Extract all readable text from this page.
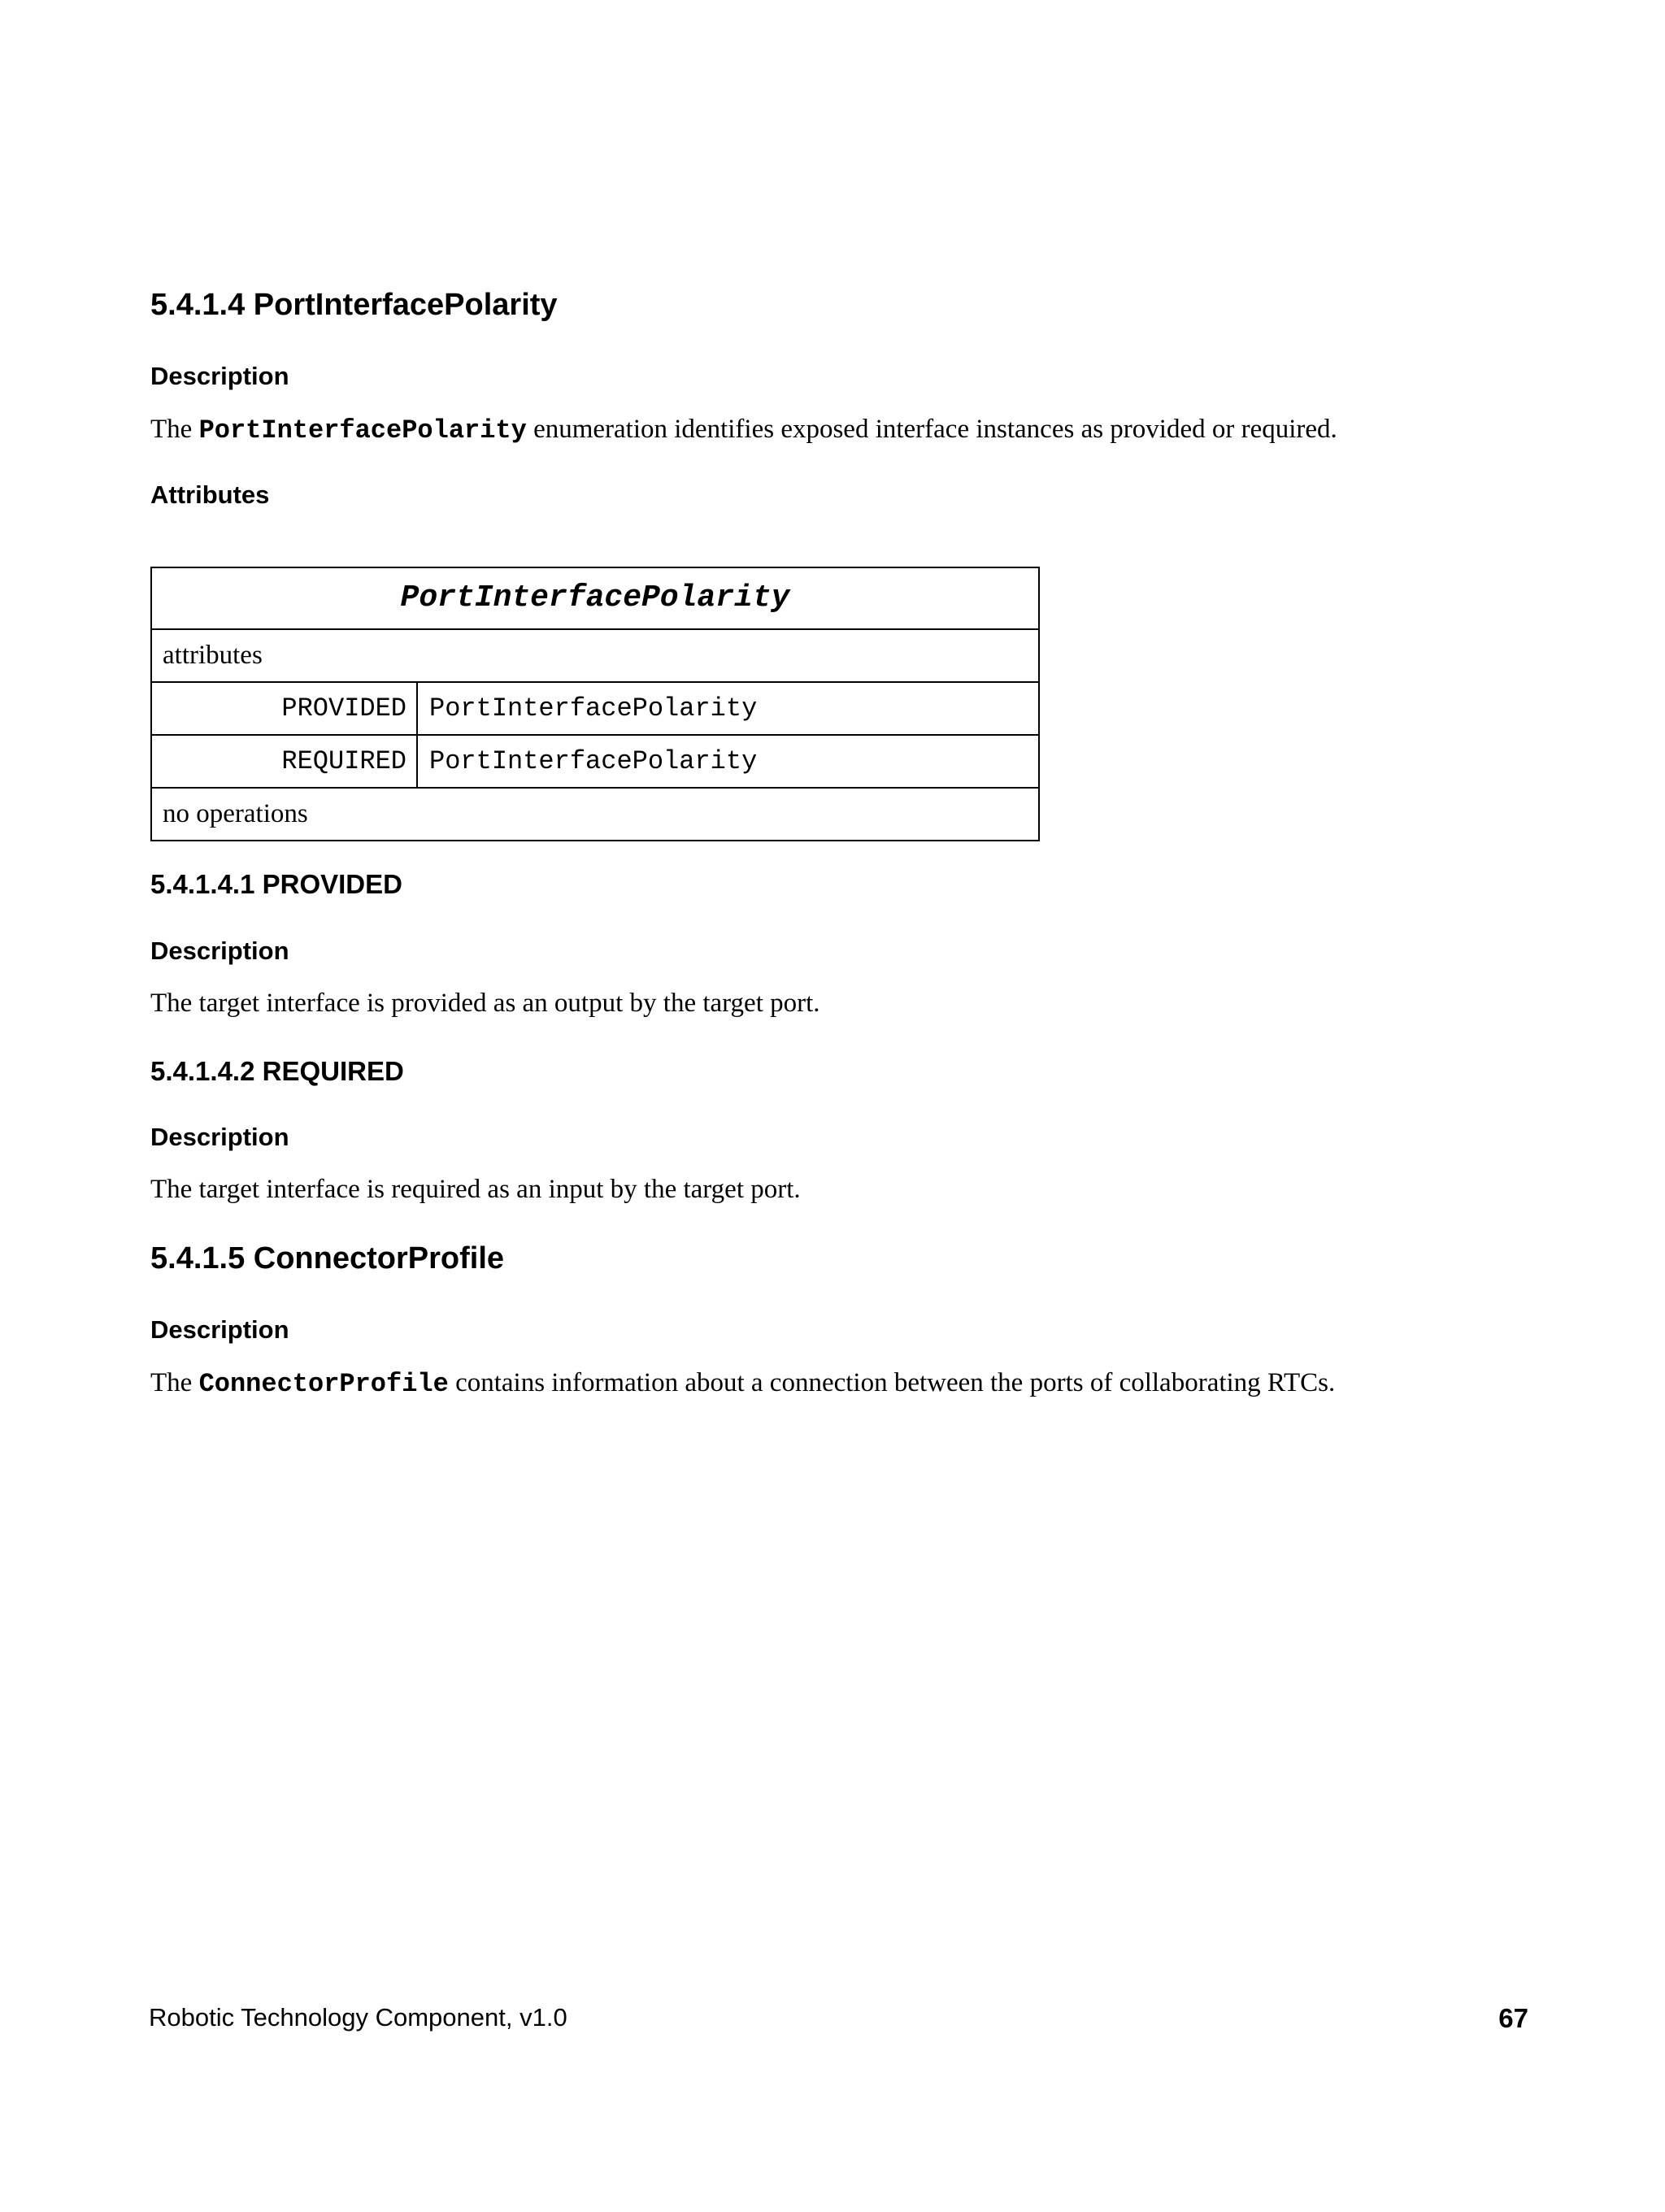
5.4.1.4 PortInterfacePolarity
Description

The PortInterfacePolarity enumeration identifies exposed interface instances as provided or required.

Attributes
PortInterfacePolarity
attributes
PROVIDED PortInterfacePolarity
REQUIRED PortInterfacePolarity
no operations
5.4.1.4.1 PROVIDED
Description

The target interface is provided as an output by the target port.

5.4.1.4.2 REQUIRED
Description

The target interface is required as an input by the target port.

5.4.1.5 ConnectorProfile
Description

The ConnectorProfile contains information about a connection between the ports of collaborating RTCs.

Robotic Technology Component, v1.0	67
